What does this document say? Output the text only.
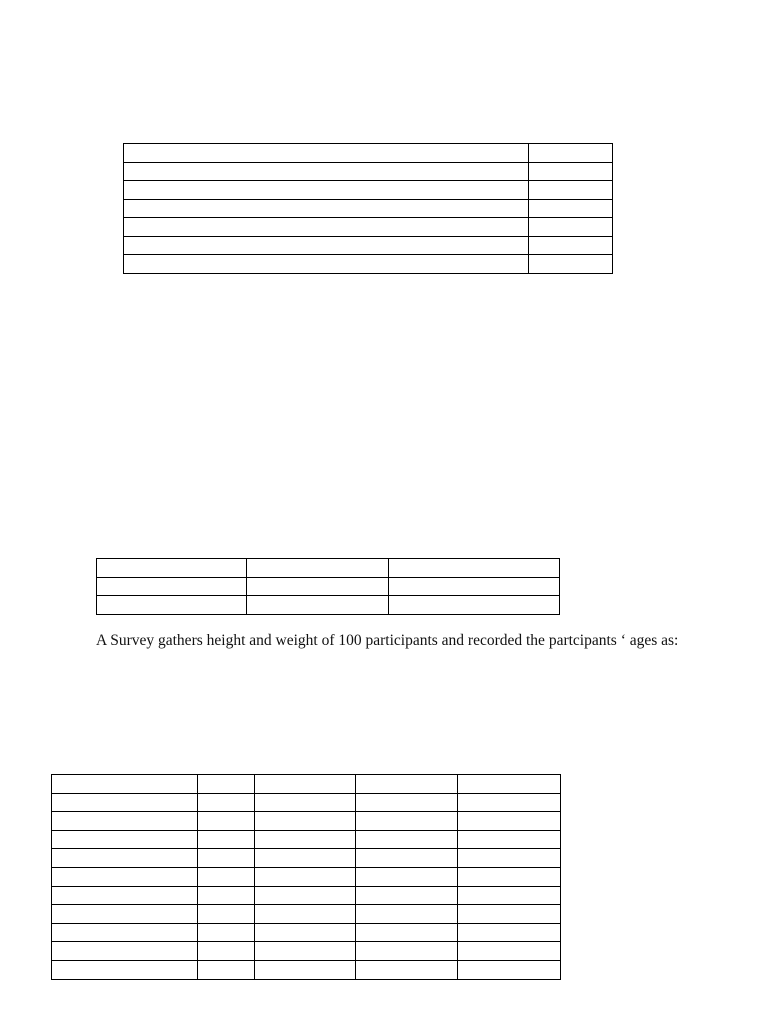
A Survey gathers height and weight of 100 participants and recorded the partcipants ‘ ages as:
